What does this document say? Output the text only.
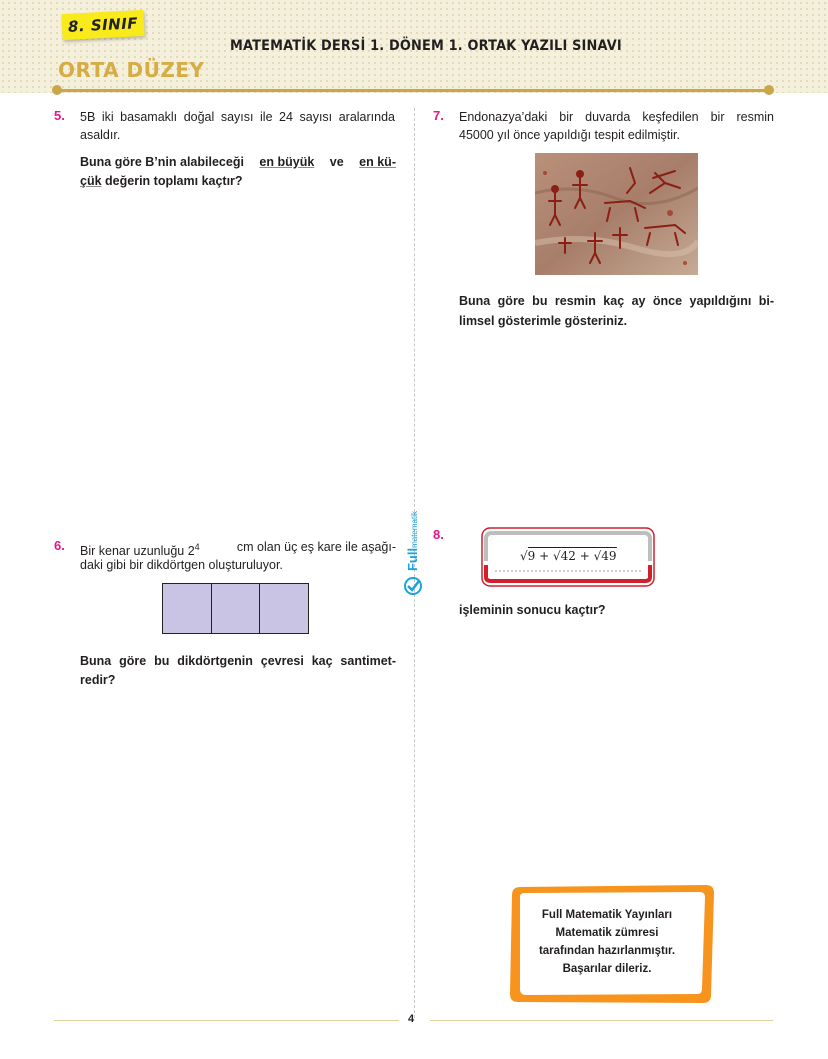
8. SINIF
ORTA DÜZEY
MATEMATİK DERSİ 1. DÖNEM 1. ORTAK YAZILI SINAVI
5. 5B iki basamaklı doğal sayısı ile 24 sayısı aralarında
asaldır.
Buna göre B’nin alabileceği en büyük ve en kü-
çük değerin toplamı kaçtır?
7. Endonazya’daki bir duvarda keşfedilen bir resmin
45000 yıl önce yapıldığı tespit edilmiştir.
Buna göre bu resmin kaç ay önce yapıldığını bi-
limsel gösterimle gösteriniz.
6. Bir kenar uzunluğu $2^4$	cm olan üç eş kare ile aşağı-
daki gibi bir dikdörtgen oluşturuluyor.
Buna göre bu dikdörtgenin çevresi kaç santimet-
redir?
Fullmatematik 8.
√9 + √42 + √49
işleminin sonucu kaçtır?
Full Matematik Yayınları
Matematik zümresi
tarafından hazırlanmıştır.
Başarılar dileriz.
4
